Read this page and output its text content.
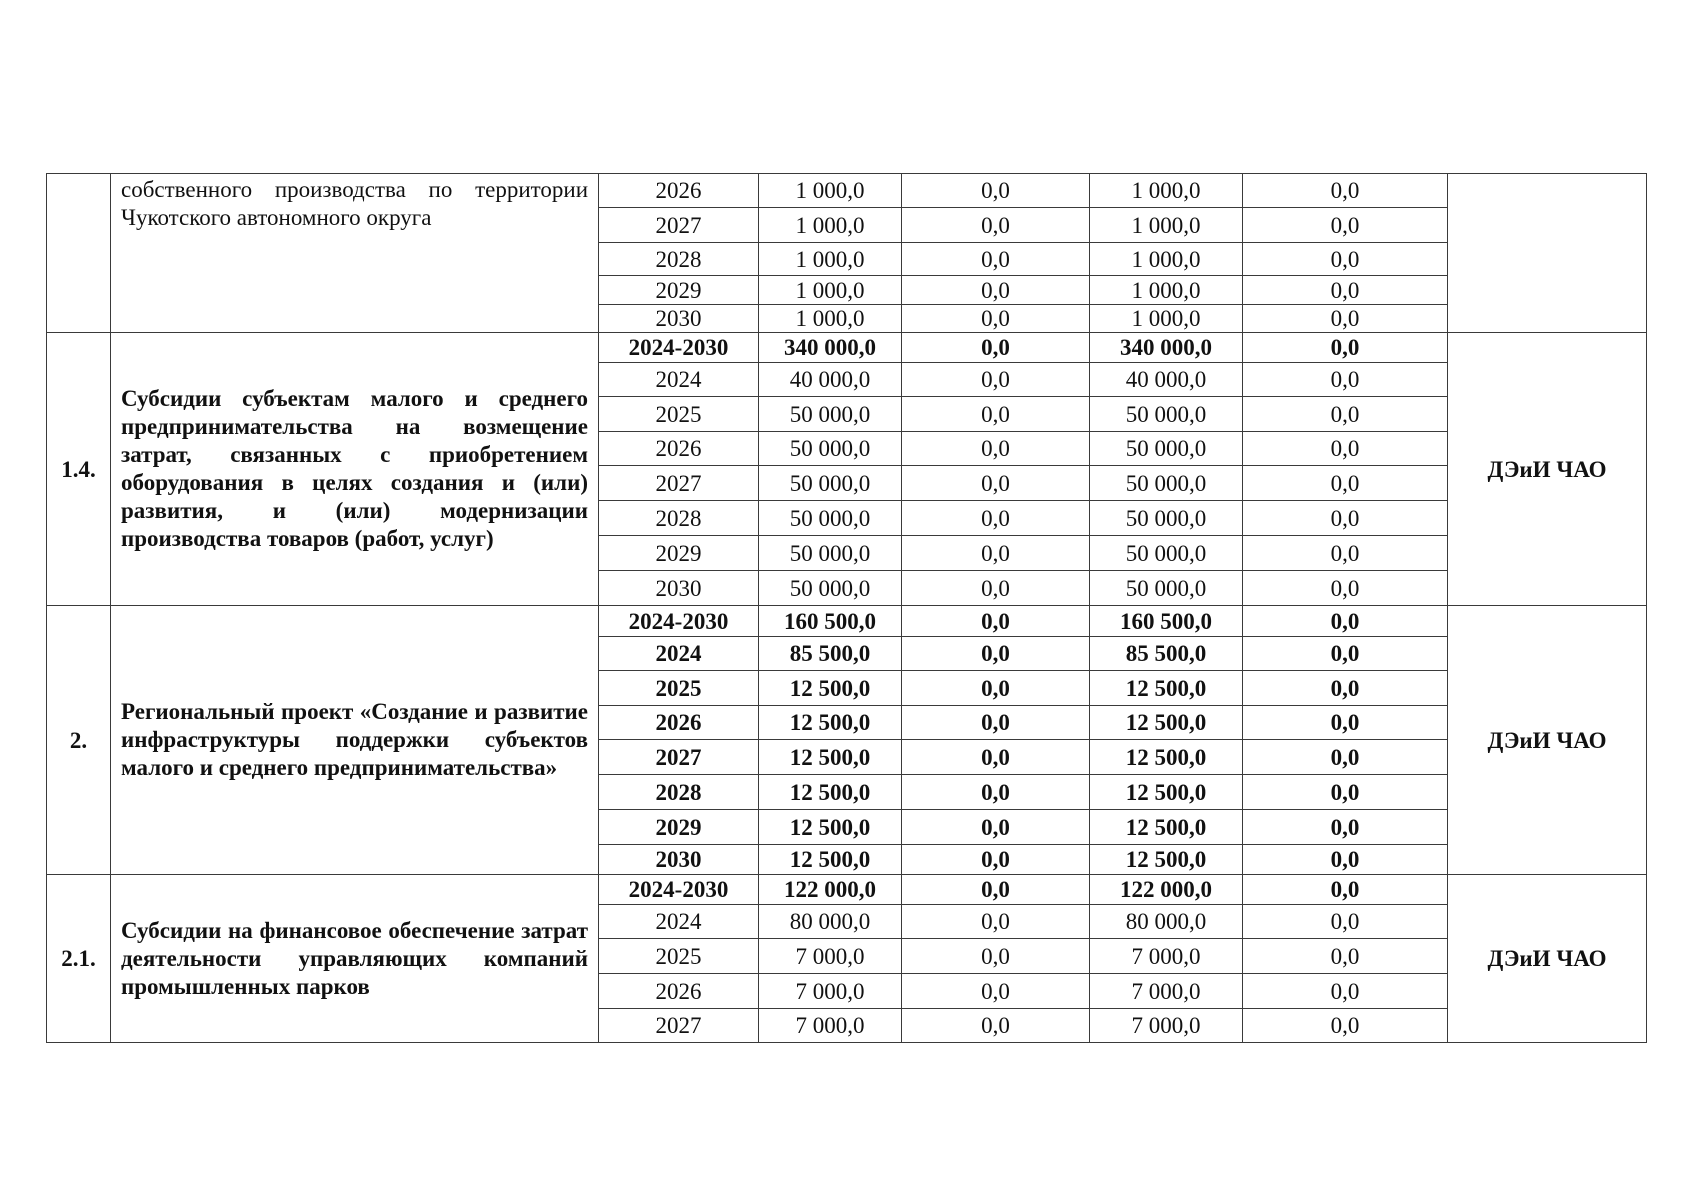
	собственного производства по территории Чукотского автономного округа	2026	1 000,0	0,0	1 000,0	0,0	
		2027	1 000,0	0,0	1 000,0	0,0	
		2028	1 000,0	0,0	1 000,0	0,0	
		2029	1 000,0	0,0	1 000,0	0,0	
		2030	1 000,0	0,0	1 000,0	0,0	
1.4.	Субсидии субъектам малого и среднего предпринимательства на возмещение затрат, связанных с приобретением оборудования в целях создания и (или) развития, и (или) модернизации производства товаров (работ, услуг)	2024-2030	340 000,0	0,0	340 000,0	0,0	ДЭиИ ЧАО
		2024	40 000,0	0,0	40 000,0	0,0	
		2025	50 000,0	0,0	50 000,0	0,0	
		2026	50 000,0	0,0	50 000,0	0,0	
		2027	50 000,0	0,0	50 000,0	0,0	
		2028	50 000,0	0,0	50 000,0	0,0	
		2029	50 000,0	0,0	50 000,0	0,0	
		2030	50 000,0	0,0	50 000,0	0,0	
2.	Региональный проект «Создание и развитие инфраструктуры поддержки субъектов малого и среднего предпринимательства»	2024-2030	160 500,0	0,0	160 500,0	0,0	ДЭиИ ЧАО
		2024	85 500,0	0,0	85 500,0	0,0	
		2025	12 500,0	0,0	12 500,0	0,0	
		2026	12 500,0	0,0	12 500,0	0,0	
		2027	12 500,0	0,0	12 500,0	0,0	
		2028	12 500,0	0,0	12 500,0	0,0	
		2029	12 500,0	0,0	12 500,0	0,0	
		2030	12 500,0	0,0	12 500,0	0,0	
2.1.	Субсидии на финансовое обеспечение затрат деятельности управляющих компаний промышленных парков	2024-2030	122 000,0	0,0	122 000,0	0,0	ДЭиИ ЧАО
		2024	80 000,0	0,0	80 000,0	0,0	
		2025	7 000,0	0,0	7 000,0	0,0	
		2026	7 000,0	0,0	7 000,0	0,0	
		2027	7 000,0	0,0	7 000,0	0,0	
